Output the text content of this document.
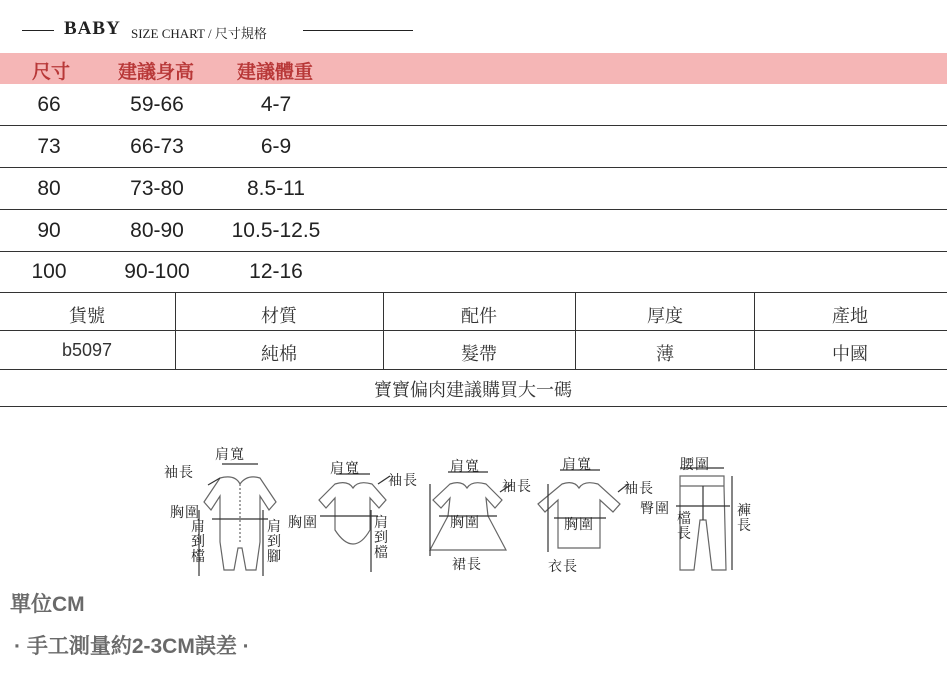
BABY SIZE CHART / 尺寸規格
尺寸	建議身高 建議體重
66	59-66	4-7
73	66-73	6-9
80	73-80	8.5-11
90	80-90 10.5-12.5
100	90-100	12-16
貨號	材質	配件	厚度	產地
b5097	純棉	髮帶	薄	中國
寶寶偏肉建議購買大一碼
肩寬
袖長
胸圍
肩到檔
肩到腳
肩寬
袖長
胸圍	肩到檔
肩寬
袖長
胸圍
裙長
肩寬
袖長
胸圍
衣長
腰圍
臀圍
檔長
褲長
單位CM
· 手工測量約2-3CM誤差 ·
